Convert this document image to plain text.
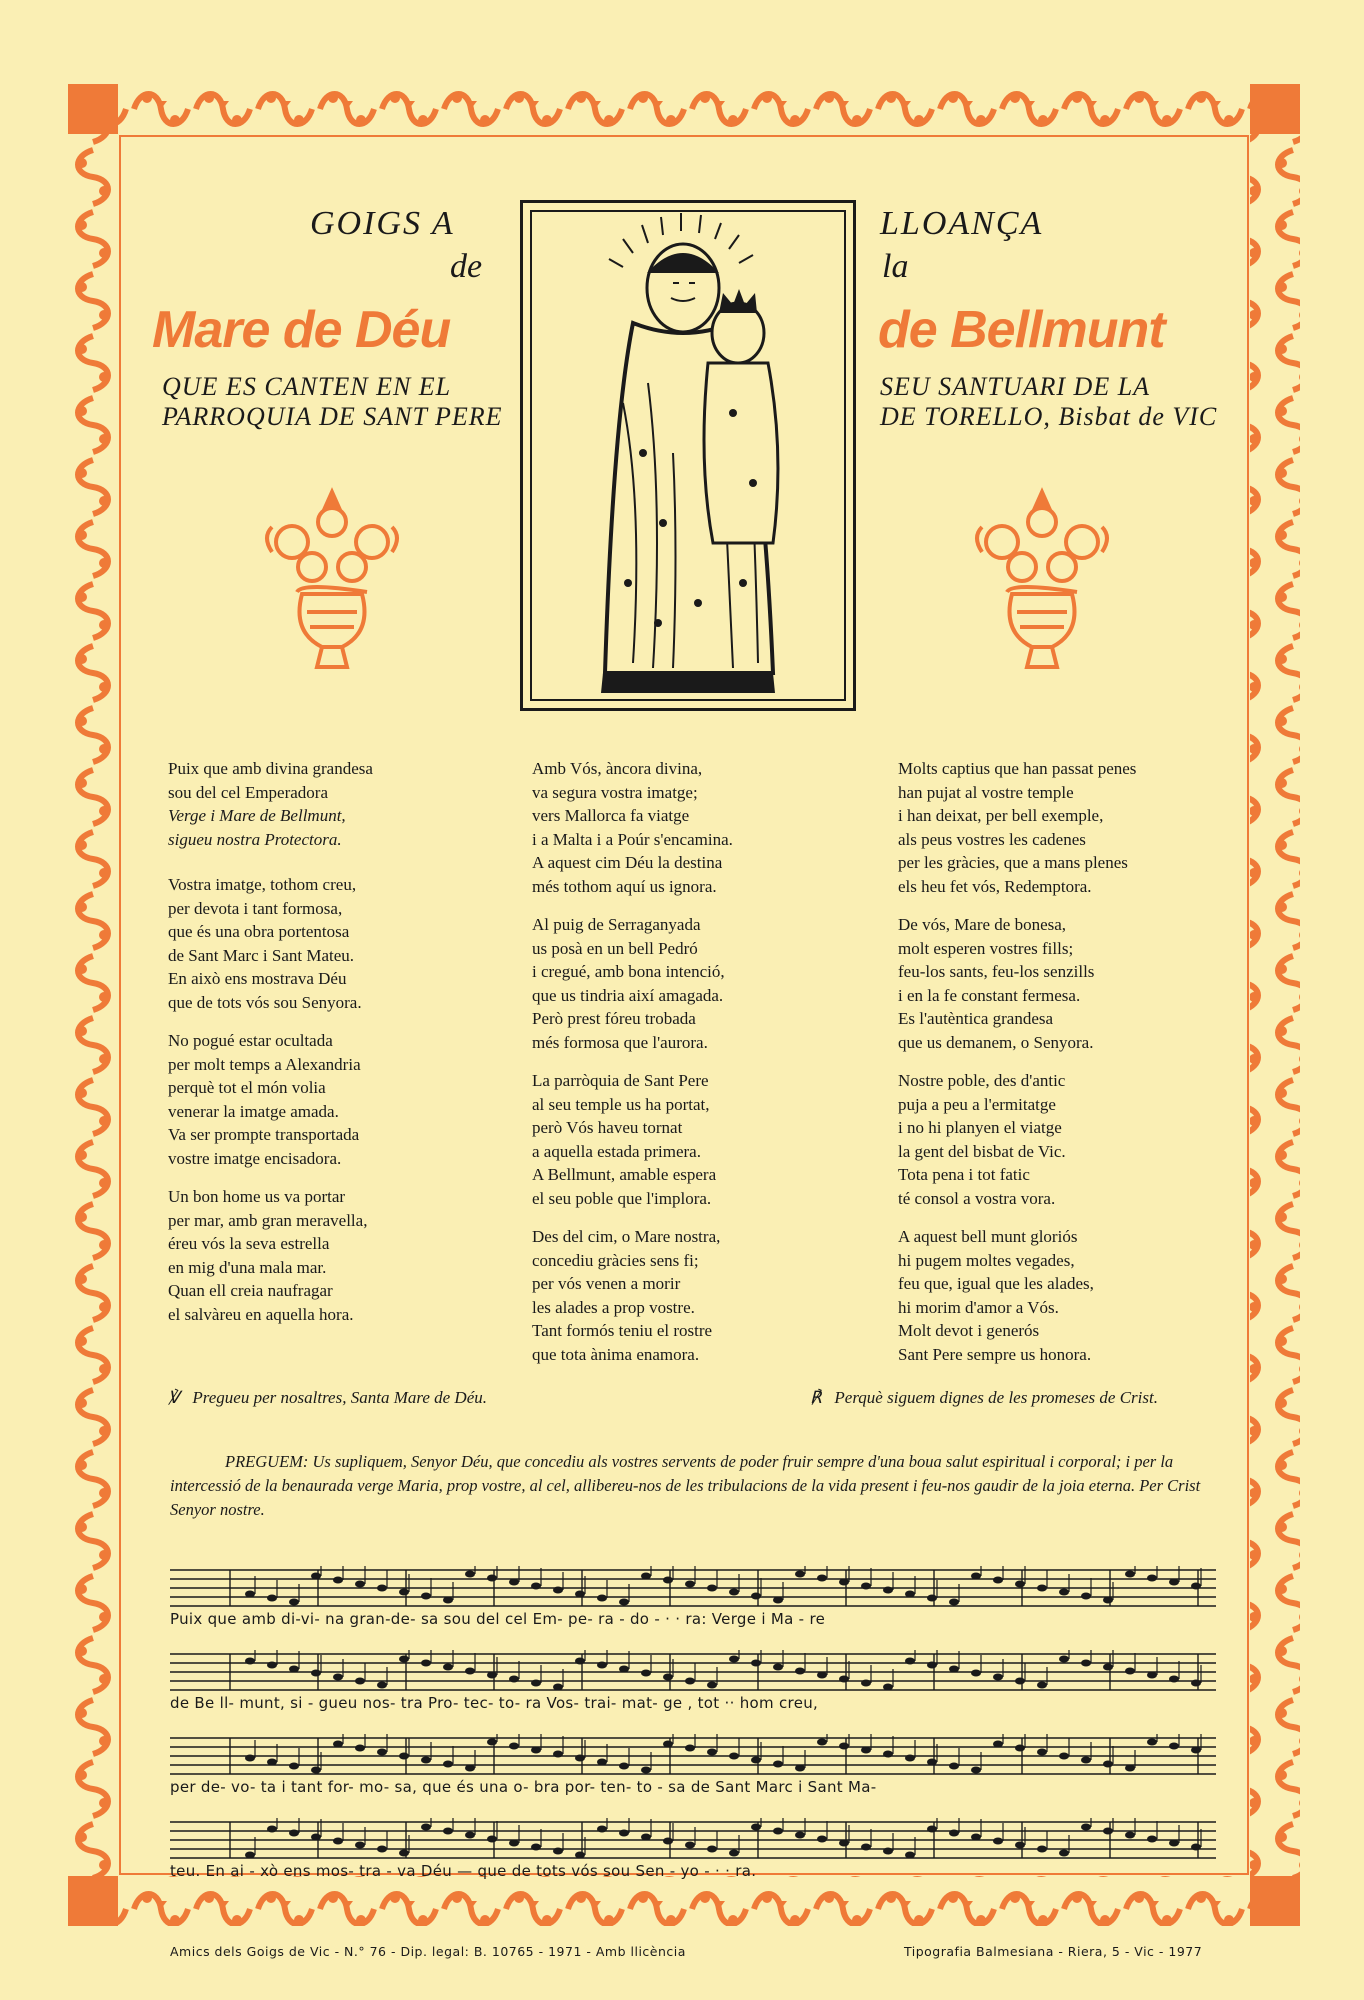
GOIGS A
de
Mare de Déu
QUE ES CANTEN EN EL
PARROQUIA DE SANT PERE
LLOANÇA
la
de Bellmunt
SEU SANTUARI DE LA
DE TORELLO, Bisbat de VIC
Puix que amb divina grandesa
sou del cel Emperadora
Verge i Mare de Bellmunt,
sigueu nostra Protectora.
Vostra imatge, tothom creu,
per devota i tant formosa,
que és una obra portentosa
de Sant Marc i Sant Mateu.
En això ens mostrava Déu
que de tots vós sou Senyora.
No pogué estar ocultada
per molt temps a Alexandria
perquè tot el món volia
venerar la imatge amada.
Va ser prompte transportada
vostre imatge encisadora.
Un bon home us va portar
per mar, amb gran meravella,
éreu vós la seva estrella
en mig d'una mala mar.
Quan ell creia naufragar
el salvàreu en aquella hora.
Amb Vós, àncora divina,
va segura vostra imatge;
vers Mallorca fa viatge
i a Malta i a Poúr s'encamina.
A aquest cim Déu la destina
més tothom aquí us ignora.
Al puig de Serraganyada
us posà en un bell Pedró
i cregué, amb bona intenció,
que us tindria així amagada.
Però prest fóreu trobada
més formosa que l'aurora.
La parròquia de Sant Pere
al seu temple us ha portat,
però Vós haveu tornat
a aquella estada primera.
A Bellmunt, amable espera
el seu poble que l'implora.
Des del cim, o Mare nostra,
concediu gràcies sens fi;
per vós venen a morir
les alades a prop vostre.
Tant formós teniu el rostre
que tota ànima enamora.
Molts captius que han passat penes
han pujat al vostre temple
i han deixat, per bell exemple,
als peus vostres les cadenes
per les gràcies, que a mans plenes
els heu fet vós, Redemptora.
De vós, Mare de bonesa,
molt esperen vostres fills;
feu-los sants, feu-los senzills
i en la fe constant fermesa.
Es l'autèntica grandesa
que us demanem, o Senyora.
Nostre poble, des d'antic
puja a peu a l'ermitatge
i no hi planyen el viatge
la gent del bisbat de Vic.
Tota pena i tot fatic
té consol a vostra vora.
A aquest bell munt gloriós
hi pugem moltes vegades,
feu que, igual que les alades,
hi morim d'amor a Vós.
Molt devot i generós
Sant Pere sempre us honora.
℣ Pregueu per nosaltres, Santa Mare de Déu.	℟ Perquè siguem dignes de les promeses de Crist.
PREGUEM: Us supliquem, Senyor Déu, que concediu als vostres servents de poder fruir sempre d'una boua salut espiritual i corporal; i per la intercessió de la benaurada verge Maria, prop vostre, al cel, allibereu-nos de les tribulacions de la vida present i feu-nos gaudir de la joia eterna. Per Crist Senyor nostre.
Puix que amb di-vi- na gran-de- sa sou del cel Em- pe- ra - do - · · ra: Verge i Ma - re
de Be ll- munt, si - gueu nos- tra Pro- tec- to- ra Vos- trai- mat- ge , tot ·· hom creu,
per de- vo- ta i tant for- mo- sa, que és una o- bra por- ten- to - sa de Sant Marc i Sant Ma-
teu. En ai - xò ens mos- tra - va Déu — que de tots vós sou Sen - yo - · · ra.
Amics dels Goigs de Vic - N.° 76 - Dip. legal: B. 10765 - 1971 - Amb llicència	Tipografia Balmesiana - Riera, 5 - Vic - 1977
